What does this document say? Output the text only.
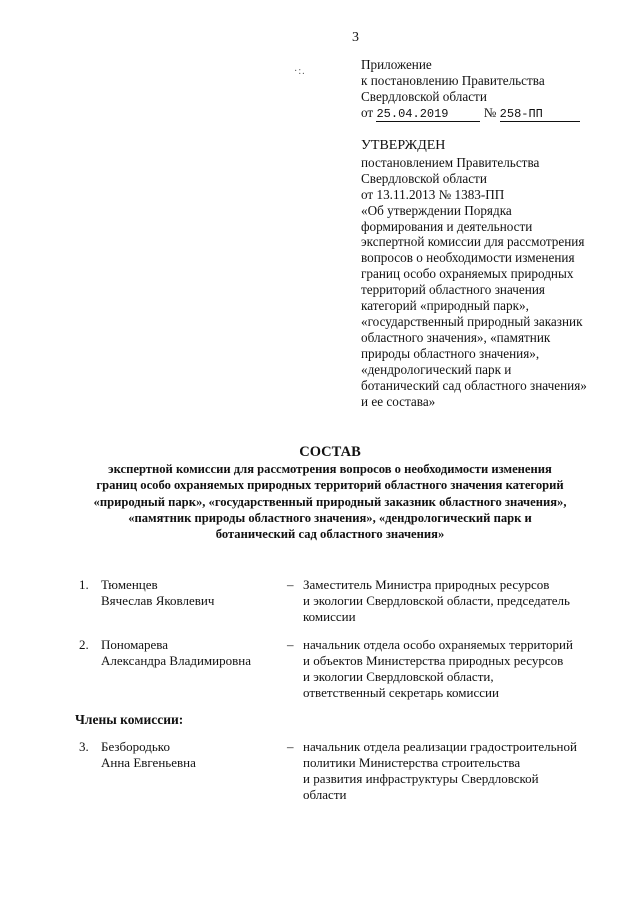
3
·:.	Приложение
к постановлению Правительства
Свердловской области
от 25.04.2019	№ 258-ПП
УТВЕРЖДЕН
постановлением Правительства
Свердловской области
от 13.11.2013 № 1383-ПП
«Об утверждении Порядка
формирования и деятельности
экспертной комиссии для рассмотрения
вопросов о необходимости изменения
границ особо охраняемых природных
территорий областного значения
категорий «природный парк»,
«государственный природный заказник
областного значения», «памятник
природы областного значения»,
«дендрологический парк и
ботанический сад областного значения»
и ее состава»
СОСТАВ
экспертной комиссии для рассмотрения вопросов о необходимости изменения
границ особо охраняемых природных территорий областного значения категорий
«природный парк», «государственный природный заказник областного значения»,
«памятник природы областного значения», «дендрологический парк и
ботанический сад областного значения»
1. Тюменцев
Вячеслав Яковлевич
– Заместитель Министра природных ресурсов
и экологии Свердловской области, председатель
комиссии
2. Пономарева
Александра Владимировна
– начальник отдела особо охраняемых территорий
и объектов Министерства природных ресурсов
и экологии Свердловской области,
ответственный секретарь комиссии
Члены комиссии:
3. Безбородько
Анна Евгеньевна
– начальник отдела реализации градостроительной
политики Министерства строительства
и развития инфраструктуры Свердловской
области
